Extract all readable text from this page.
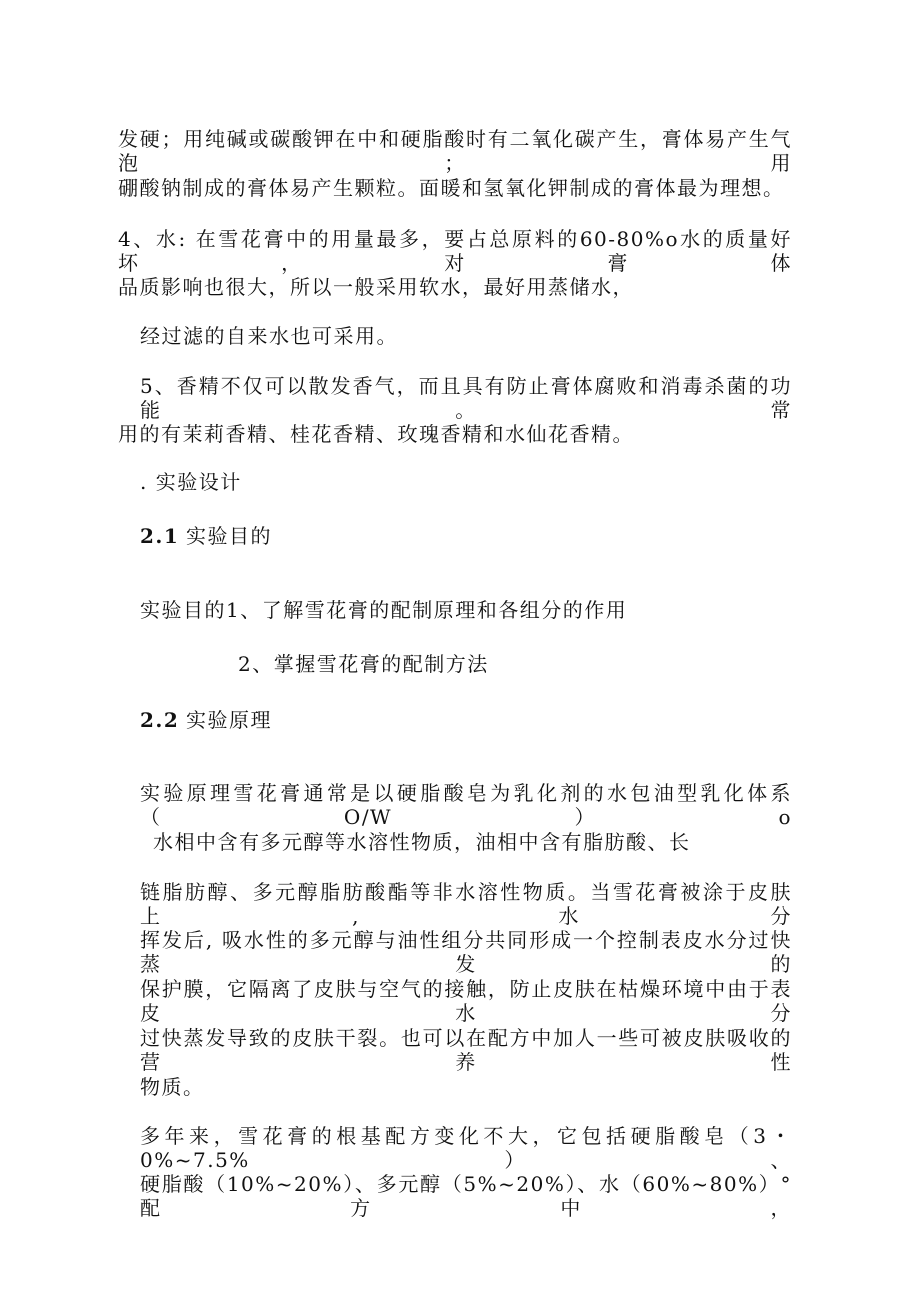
发硬；用纯碱或碳酸钾在中和硬脂酸时有二氧化碳产生，膏体易产生气泡；用

硼酸钠制成的膏体易产生颗粒。面暖和氢氧化钾制成的膏体最为理想。

4、水: 在雪花膏中的用量最多，要占总原料的60-80%o水的质量好坏，对膏体

品质影响也很大，所以一般采用软水，最好用蒸储水，

经过滤的自来水也可采用。

5、香精不仅可以散发香气，而且具有防止膏体腐败和消毒杀菌的功能。常

用的有茉莉香精、桂花香精、玫瑰香精和水仙花香精。

. 实验设计

2.1 实验目的

实验目的1、了解雪花膏的配制原理和各组分的作用

2、掌握雪花膏的配制方法

2.2 实验原理

实验原理雪花膏通常是以硬脂酸皂为乳化剂的水包油型乳化体系（O/W）o

水相中含有多元醇等水溶性物质，油相中含有脂肪酸、长

链脂肪醇、多元醇脂肪酸酯等非水溶性物质。当雪花膏被涂于皮肤上, 水分

挥发后, 吸水性的多元醇与油性组分共同形成一个控制表皮水分过快蒸发的

保护膜，它隔离了皮肤与空气的接触，防止皮肤在枯燥环境中由于表皮水分

过快蒸发导致的皮肤干裂。也可以在配方中加人一些可被皮肤吸收的营养性

物质。

多年来，雪花膏的根基配方变化不大，它包括硬脂酸皂（3・0%~7.5%）、

硬脂酸（10%~20%）、多元醇（5%~20%）、水（60%~80%）°配方中，
